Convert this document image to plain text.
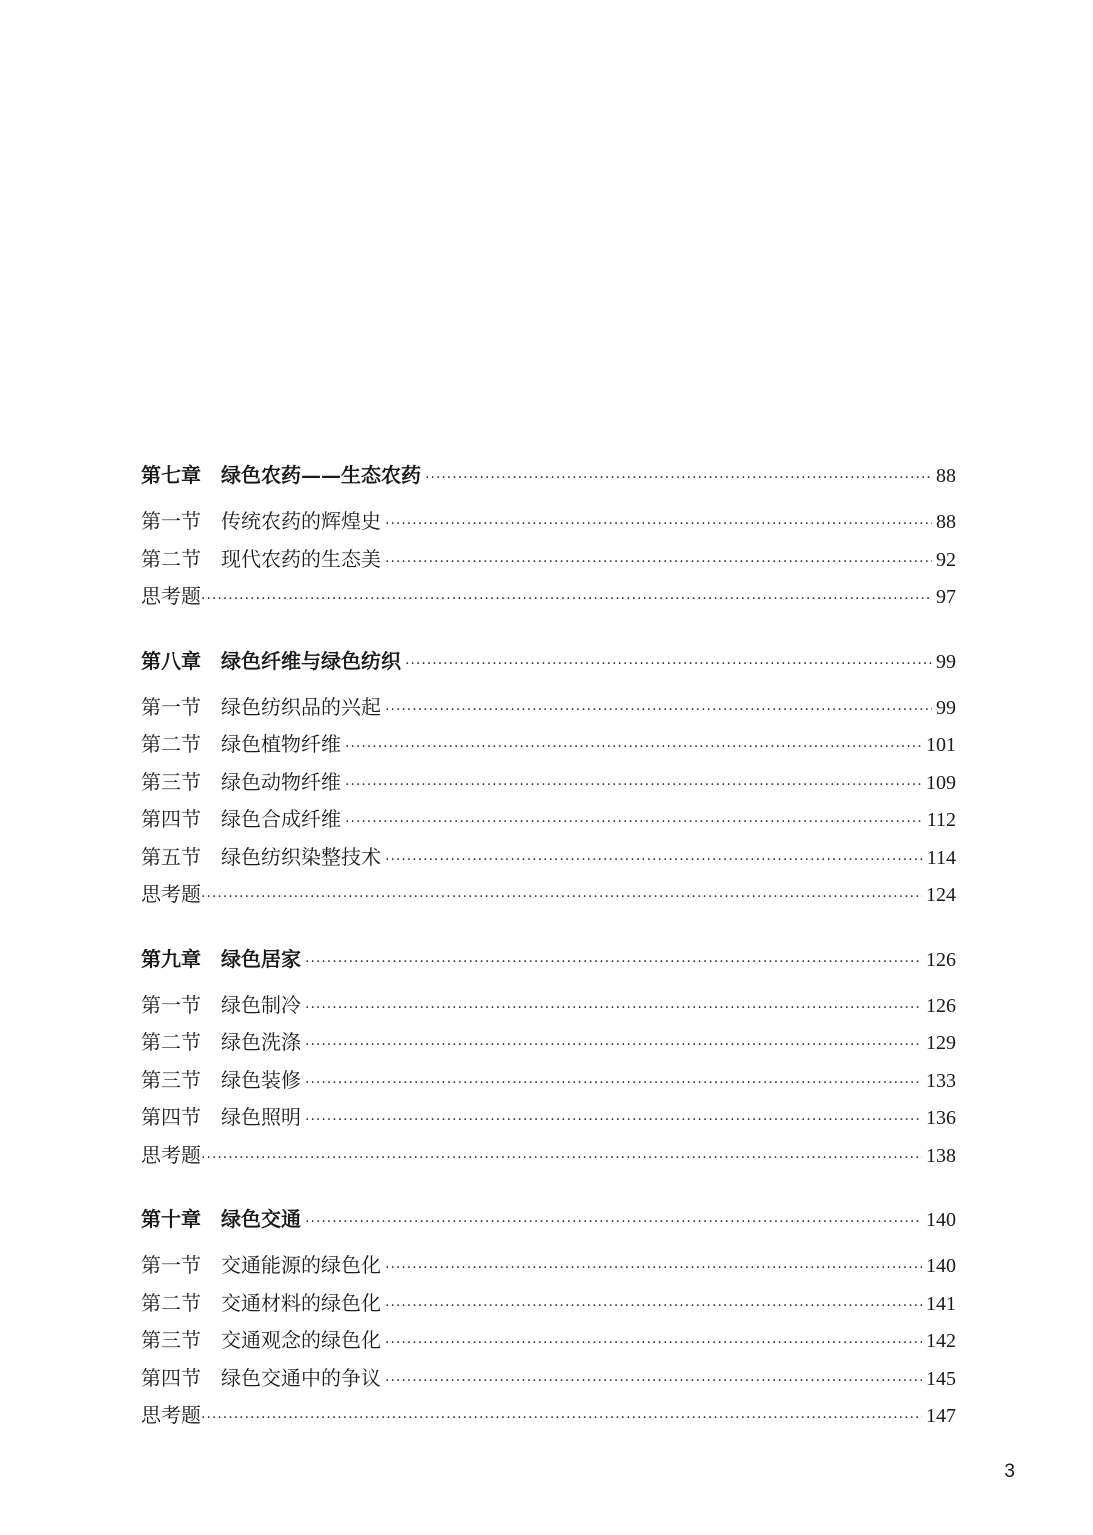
第七章 绿色农药——生态农药 ·····	88
第一节 传统农药的辉煌史 ·····	88
第二节 现代农药的生态美 ·····	92
思考题 ·····	97
第八章 绿色纤维与绿色纺织 ·····	99
第一节 绿色纺织品的兴起 ·····	99
第二节 绿色植物纤维 ·····	101
第三节 绿色动物纤维 ·····	109
第四节 绿色合成纤维 ·····	112
第五节 绿色纺织染整技术 ·····	114
思考题 ·····	124
第九章 绿色居家 ·····	126
第一节 绿色制冷 ·····	126
第二节 绿色洗涤 ·····	129
第三节 绿色装修 ·····	133
第四节 绿色照明 ·····	136
思考题 ·····	138
第十章 绿色交通 ·····	140
第一节 交通能源的绿色化 ·····	140
第二节 交通材料的绿色化 ·····	141
第三节 交通观念的绿色化 ·····	142
第四节 绿色交通中的争议 ·····	145
思考题 ·····	147
3
